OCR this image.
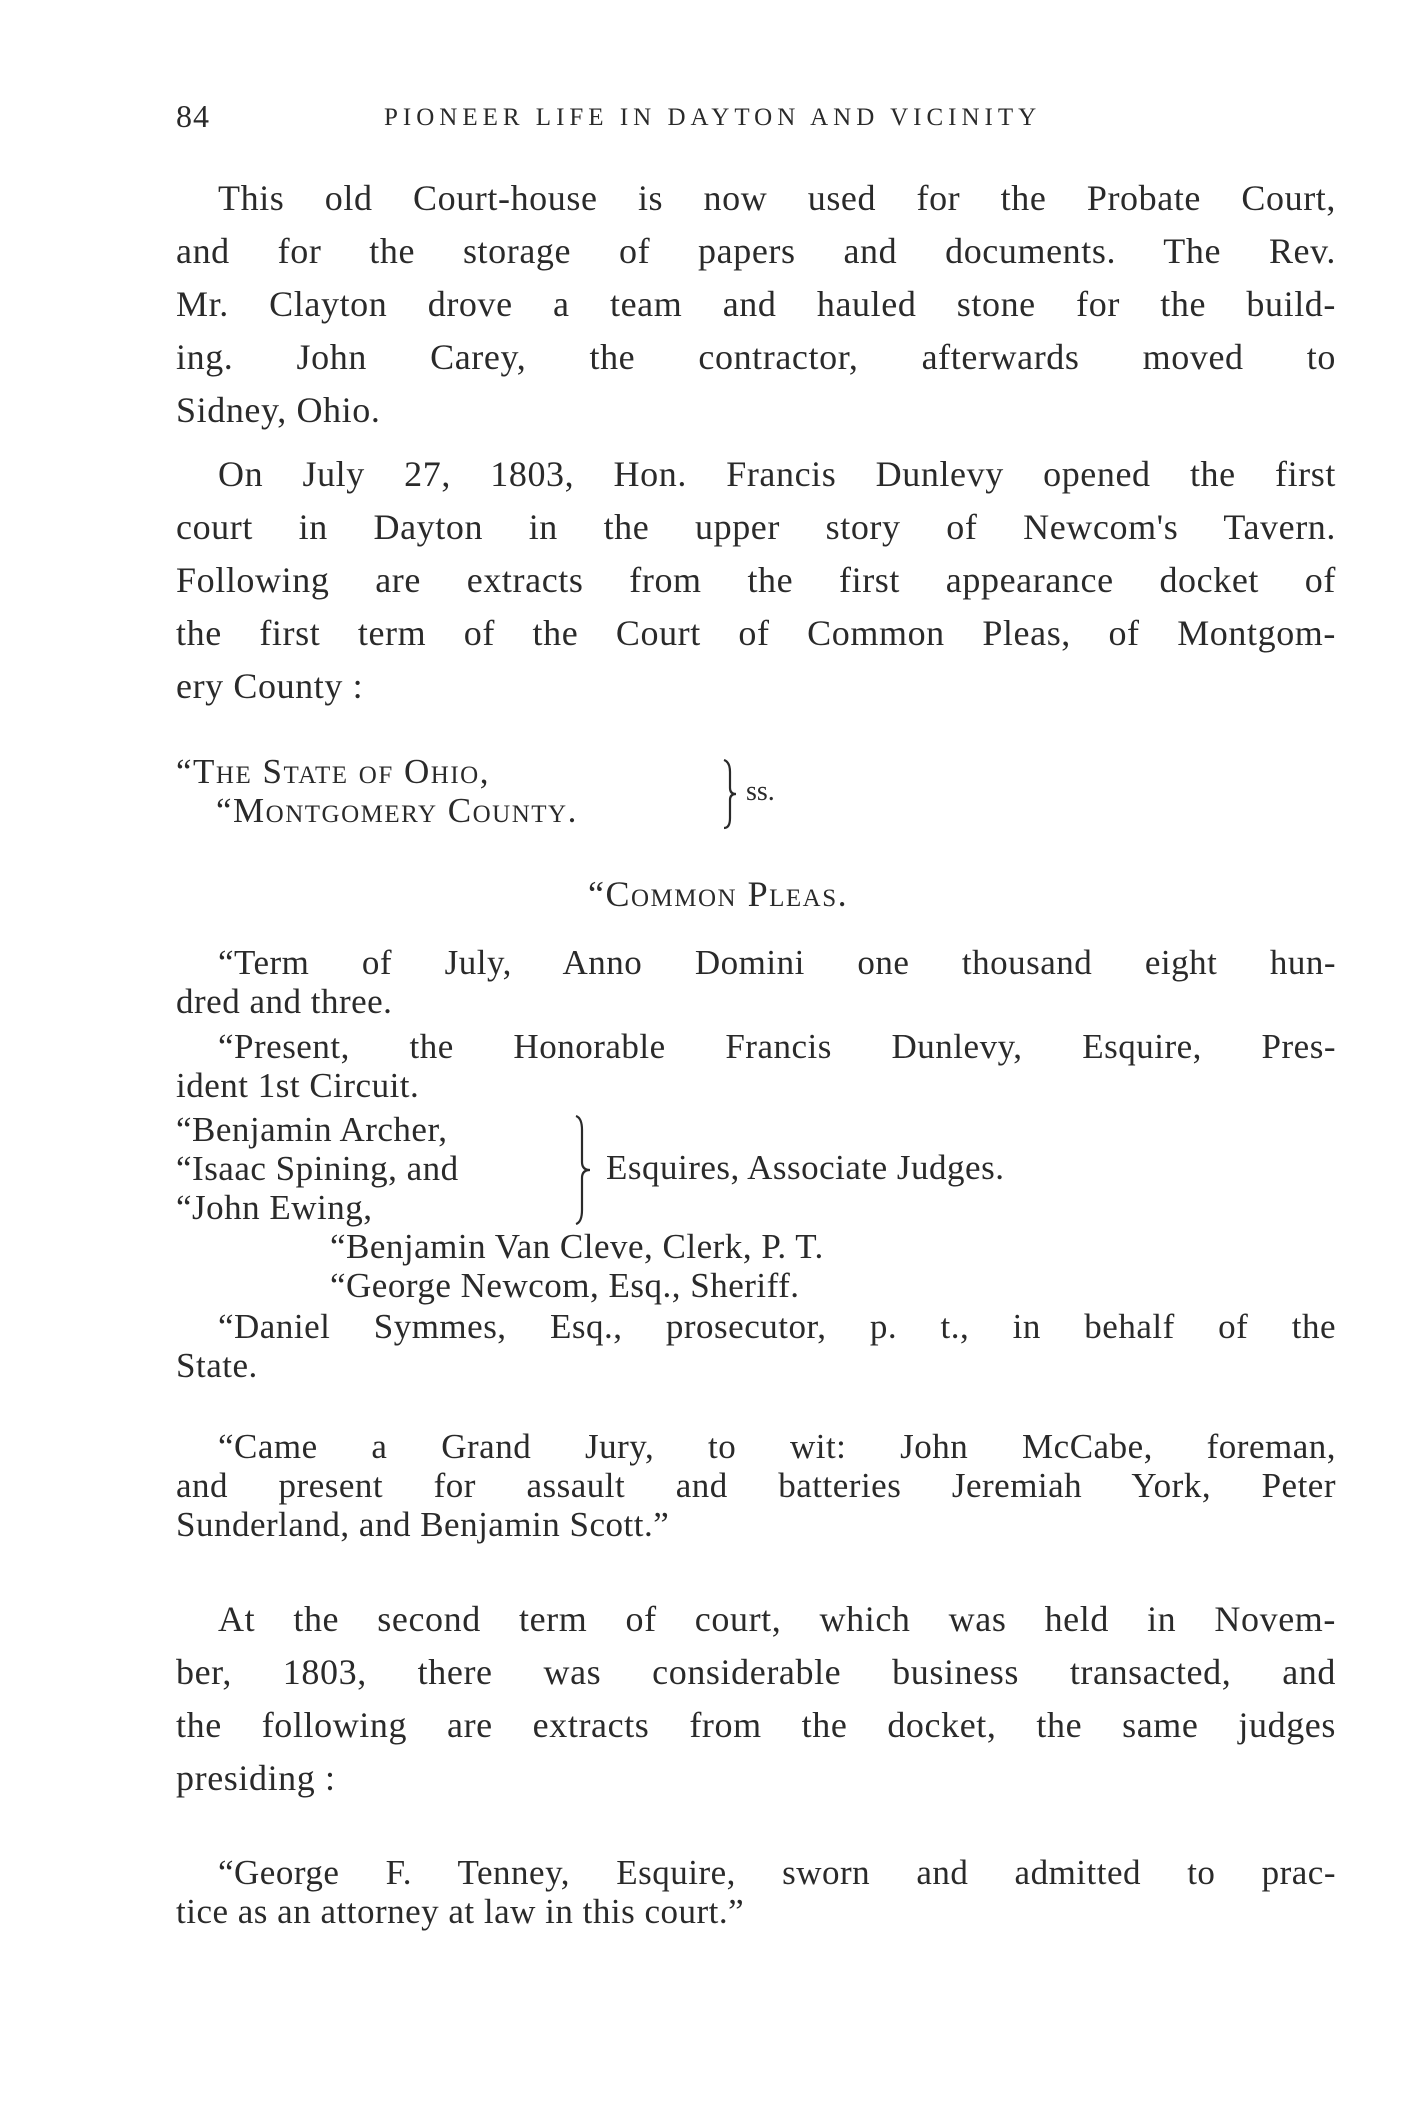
84	PIONEER LIFE IN DAYTON AND VICINITY
This old Court-house is now used for the Probate Court,
and for the storage of papers and documents. The Rev.
Mr. Clayton drove a team and hauled stone for the build-
ing. John Carey, the contractor, afterwards moved to
Sidney, Ohio.
On July 27, 1803, Hon. Francis Dunlevy opened the first
court in Dayton in the upper story of Newcom's Tavern.
Following are extracts from the first appearance docket of
the first term of the Court of Common Pleas, of Montgom-
ery County :
“The State of Ohio,
“Montgomery County.	ss.
“Common Pleas.
“Term of July, Anno Domini one thousand eight hun-
dred and three.
“Present, the Honorable Francis Dunlevy, Esquire, Pres-
ident 1st Circuit.
“Benjamin Archer,
“Isaac Spining, and
“John Ewing,
Esquires, Associate Judges.
“Benjamin Van Cleve, Clerk, P. T.
“George Newcom, Esq., Sheriff.
“Daniel Symmes, Esq., prosecutor, p. t., in behalf of the
State.
“Came a Grand Jury, to wit: John McCabe, foreman,
and present for assault and batteries Jeremiah York, Peter
Sunderland, and Benjamin Scott.”
At the second term of court, which was held in Novem-
ber, 1803, there was considerable business transacted, and
the following are extracts from the docket, the same judges
presiding :
“George F. Tenney, Esquire, sworn and admitted to prac-
tice as an attorney at law in this court.”
